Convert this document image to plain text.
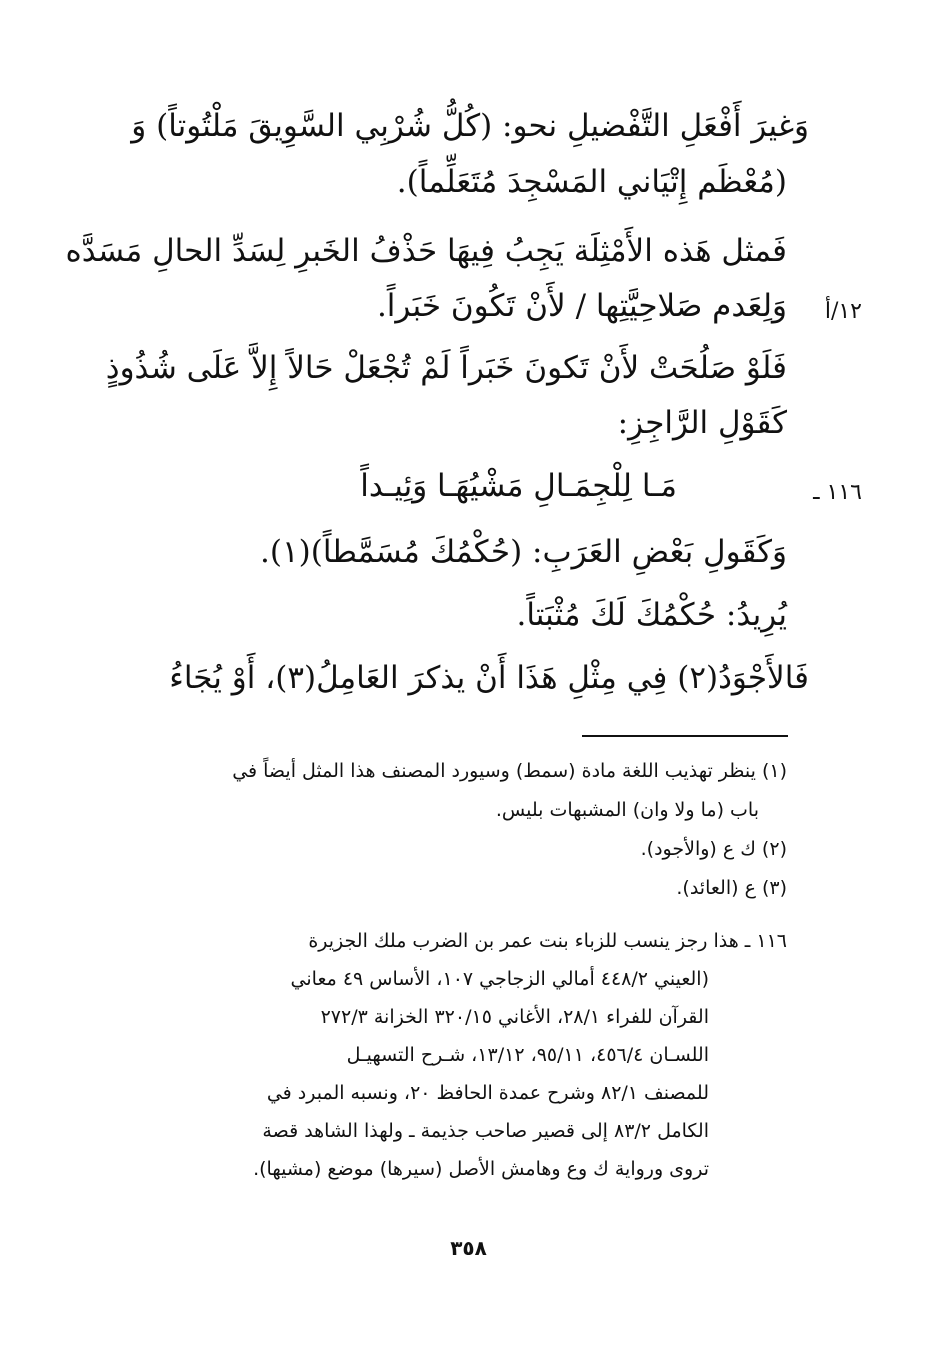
وَغيرَ أَفْعَلِ التَّفْضيلِ نحو: (كُلُّ شُرْبِي السَّوِيقَ مَلْتُوتاً) وَ
(مُعْظَم إِتْيَاني المَسْجِدَ مُتَعَلِّماً).
فَمثل هَذه الأَمْثِلَة يَجِبُ فِيهَا حَذْفُ الخَبرِ لِسَدِّ الحالِ مَسَدَّه
وَلِعَدم صَلاحِيَّتِها / لأَنْ تَكُونَ خَبَراً. ١٢/أ
فَلَوْ صَلُحَتْ لأَنْ تَكونَ خَبَراً لَمْ تُجْعَلْ حَالاً إِلاَّ عَلَى شُذُوذٍ
كَقَوْلِ الرَّاجِزِ:
١١٦ ـ
مَـا لِلْجِمَـالِ مَشْيُهَـا وَئِيـداً
وَكَقَولِ بَعْضِ العَرَبِ: (حُكْمُكَ مُسَمَّطاً)(١).
يُرِيدُ: حُكْمُكَ لَكَ مُثْبَتاً.
فَالأَجْوَدُ(٢) فِي مِثْلِ هَذَا أَنْ يذكرَ العَامِلُ(٣)، أَوْ يُجَاءُ
(١) ينظر تهذيب اللغة مادة (سمط) وسيورد المصنف هذا المثل أيضاً في
باب (ما ولا وان) المشبهات بليس.
(٢) ك ع (والأجود).
(٣) ع (العائد).
١١٦ ـ هذا رجز ينسب للزباء بنت عمر بن الضرب ملك الجزيرة
(العيني ٤٤٨/٢ أمالي الزجاجي ١٠٧، الأساس ٤٩ معاني
القرآن للفراء ٢٨/١، الأغاني ٣٢٠/١٥ الخزانة ٢٧٢/٣
اللسـان ٤٥٦/٤، ٩٥/١١، ١٣/١٢، شـرح التسهيـل
للمصنف ٨٢/١ وشرح عمدة الحافظ ٢٠، ونسبه المبرد في
الكامل ٨٣/٢ إلى قصير صاحب جذيمة ـ ولهذا الشاهد قصة
تروى ورواية ك وع وهامش الأصل (سيرها) موضع (مشيها).
٣٥٨
